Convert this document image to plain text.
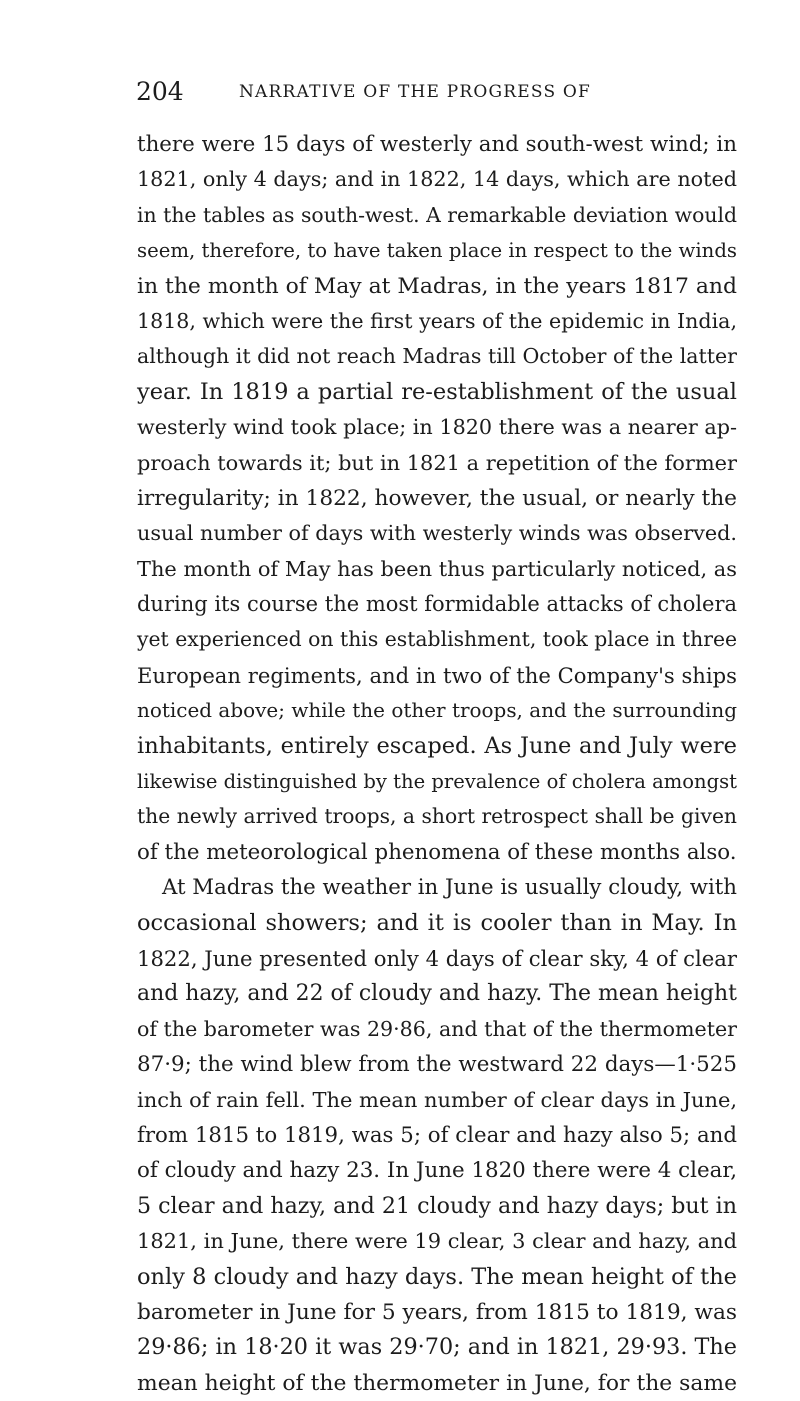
204	NARRATIVE OF THE PROGRESS OF
there were 15 days of westerly and south-west wind; in
1821, only 4 days; and in 1822, 14 days, which are noted
in the tables as south-west. A remarkable deviation would
seem, therefore, to have taken place in respect to the winds
in the month of May at Madras, in the years 1817 and
1818, which were the first years of the epidemic in India,
although it did not reach Madras till October of the latter
year. In 1819 a partial re-establishment of the usual
westerly wind took place; in 1820 there was a nearer ap-
proach towards it; but in 1821 a repetition of the former
irregularity; in 1822, however, the usual, or nearly the
usual number of days with westerly winds was observed.
The month of May has been thus particularly noticed, as
during its course the most formidable attacks of cholera
yet experienced on this establishment, took place in three
European regiments, and in two of the Company's ships
noticed above; while the other troops, and the surrounding
inhabitants, entirely escaped. As June and July were
likewise distinguished by the prevalence of cholera amongst
the newly arrived troops, a short retrospect shall be given
of the meteorological phenomena of these months also.
At Madras the weather in June is usually cloudy, with
occasional showers; and it is cooler than in May. In
1822, June presented only 4 days of clear sky, 4 of clear
and hazy, and 22 of cloudy and hazy. The mean height
of the barometer was 29·86, and that of the thermometer
87·9; the wind blew from the westward 22 days—1·525
inch of rain fell. The mean number of clear days in June,
from 1815 to 1819, was 5; of clear and hazy also 5; and
of cloudy and hazy 23. In June 1820 there were 4 clear,
5 clear and hazy, and 21 cloudy and hazy days; but in
1821, in June, there were 19 clear, 3 clear and hazy, and
only 8 cloudy and hazy days. The mean height of the
barometer in June for 5 years, from 1815 to 1819, was
29·86; in 18·20 it was 29·70; and in 1821, 29·93. The
mean height of the thermometer in June, for the same
